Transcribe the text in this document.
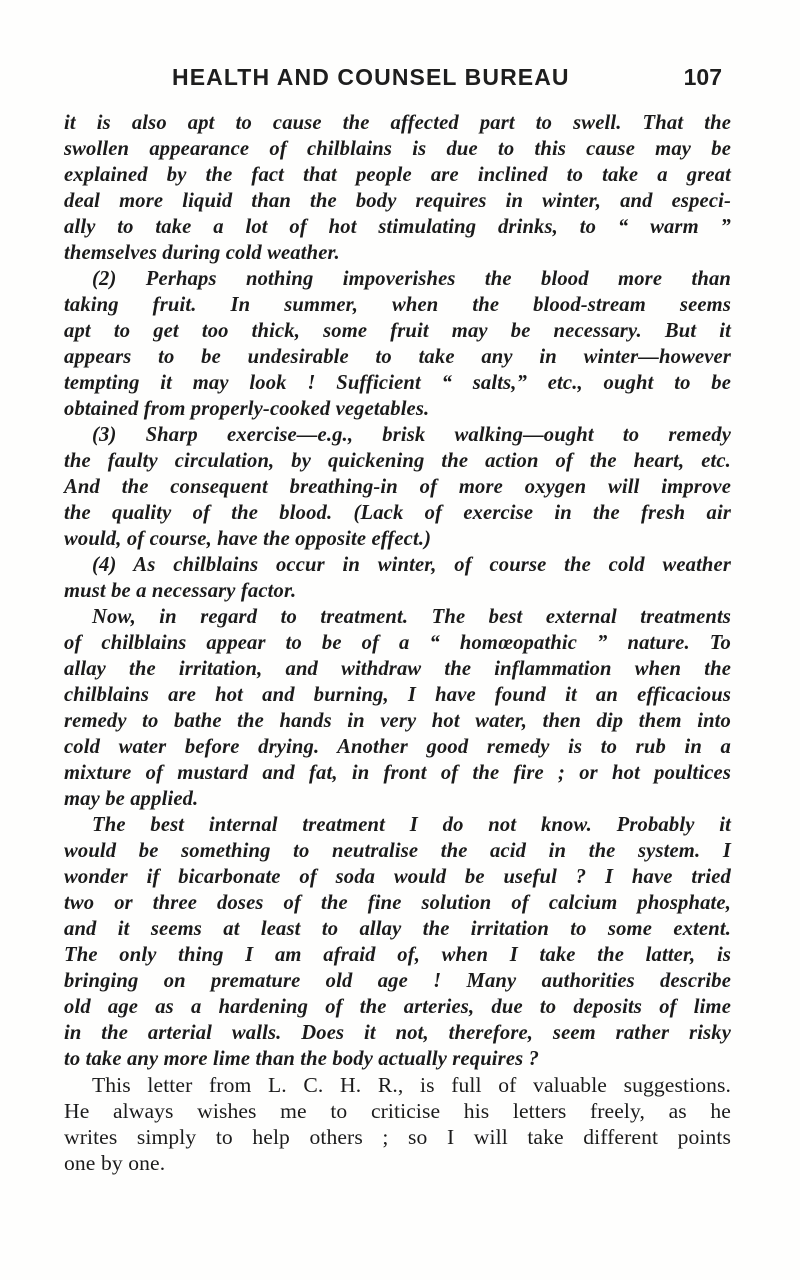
HEALTH AND COUNSEL BUREAU	107
it is also apt to cause the affected part to swell. That the
swollen appearance of chilblains is due to this cause may be
explained by the fact that people are inclined to take a great
deal more liquid than the body requires in winter, and especi-
ally to take a lot of hot stimulating drinks, to “ warm ”
themselves during cold weather.
(2) Perhaps nothing impoverishes the blood more than
taking fruit. In summer, when the blood-stream seems
apt to get too thick, some fruit may be necessary. But it
appears to be undesirable to take any in winter—however
tempting it may look ! Sufficient “ salts,” etc., ought to be
obtained from properly-cooked vegetables.
(3) Sharp exercise—e.g., brisk walking—ought to remedy
the faulty circulation, by quickening the action of the heart, etc.
And the consequent breathing-in of more oxygen will improve
the quality of the blood. (Lack of exercise in the fresh air
would, of course, have the opposite effect.)
(4) As chilblains occur in winter, of course the cold weather
must be a necessary factor.
Now, in regard to treatment. The best external treatments
of chilblains appear to be of a “ homœopathic ” nature. To
allay the irritation, and withdraw the inflammation when the
chilblains are hot and burning, I have found it an efficacious
remedy to bathe the hands in very hot water, then dip them into
cold water before drying. Another good remedy is to rub in a
mixture of mustard and fat, in front of the fire ; or hot poultices
may be applied.
The best internal treatment I do not know. Probably it
would be something to neutralise the acid in the system. I
wonder if bicarbonate of soda would be useful ? I have tried
two or three doses of the fine solution of calcium phosphate,
and it seems at least to allay the irritation to some extent.
The only thing I am afraid of, when I take the latter, is
bringing on premature old age ! Many authorities describe
old age as a hardening of the arteries, due to deposits of lime
in the arterial walls. Does it not, therefore, seem rather risky
to take any more lime than the body actually requires ?
This letter from L. C. H. R., is full of valuable suggestions.
He always wishes me to criticise his letters freely, as he
writes simply to help others ; so I will take different points
one by one.
